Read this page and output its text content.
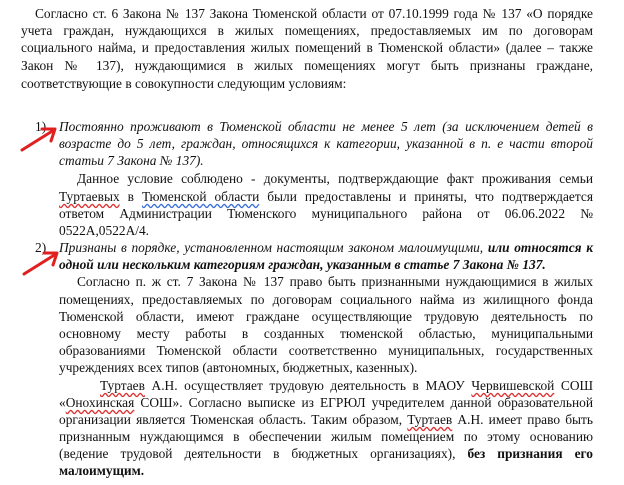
Согласно ст. 6 Закона № 137 Закона Тюменской области от 07.10.1999 года № 137 «О порядке
учета граждан, нуждающихся в жилых помещениях, предоставляемых им по договорам
социального найма, и предоставления жилых помещений в Тюменской области» (далее – также
Закон № 137), нуждающимися в жилых помещениях могут быть признаны граждане,
соответствующие в совокупности следующим условиям:
1) Постоянно проживают в Тюменской области не менее 5 лет (за исключением детей в
возрасте до 5 лет, граждан, относящихся к категории, указанной в п. е части второй
статьи 7 Закона № 137).
Данное условие соблюдено - документы, подтверждающие факт проживания семьи
Туртаевых в Тюменской области были предоставлены и приняты, что подтверждается
ответом Администрации Тюменского муниципального района от 06.06.2022 №
0522А,0522А/4.
2) Признаны в порядке, установленном настоящим законом малоимущими, или относятся к
одной или нескольким категориям граждан, указанным в статье 7 Закона № 137.
Согласно п. ж ст. 7 Закона № 137 право быть признанными нуждающимися в жилых
помещениях, предоставляемых по договорам социального найма из жилищного фонда
Тюменской области, имеют граждане осуществляющие трудовую деятельность по
основному месту работы в созданных тюменской областью, муниципальными
образованиями Тюменской области соответственно муниципальных, государственных
учреждениях всех типов (автономных, бюджетных, казенных).
Туртаев А.Н. осуществляет трудовую деятельность в МАОУ Червишевской СОШ
«Онохинская СОШ». Согласно выписке из ЕГРЮЛ учредителем данной образовательной
организации является Тюменская область. Таким образом, Туртаев А.Н. имеет право быть
признанным нуждающимся в обеспечении жилым помещением по этому основанию
(ведение трудовой деятельности в бюджетных организациях), без признания его
малоимущим.
